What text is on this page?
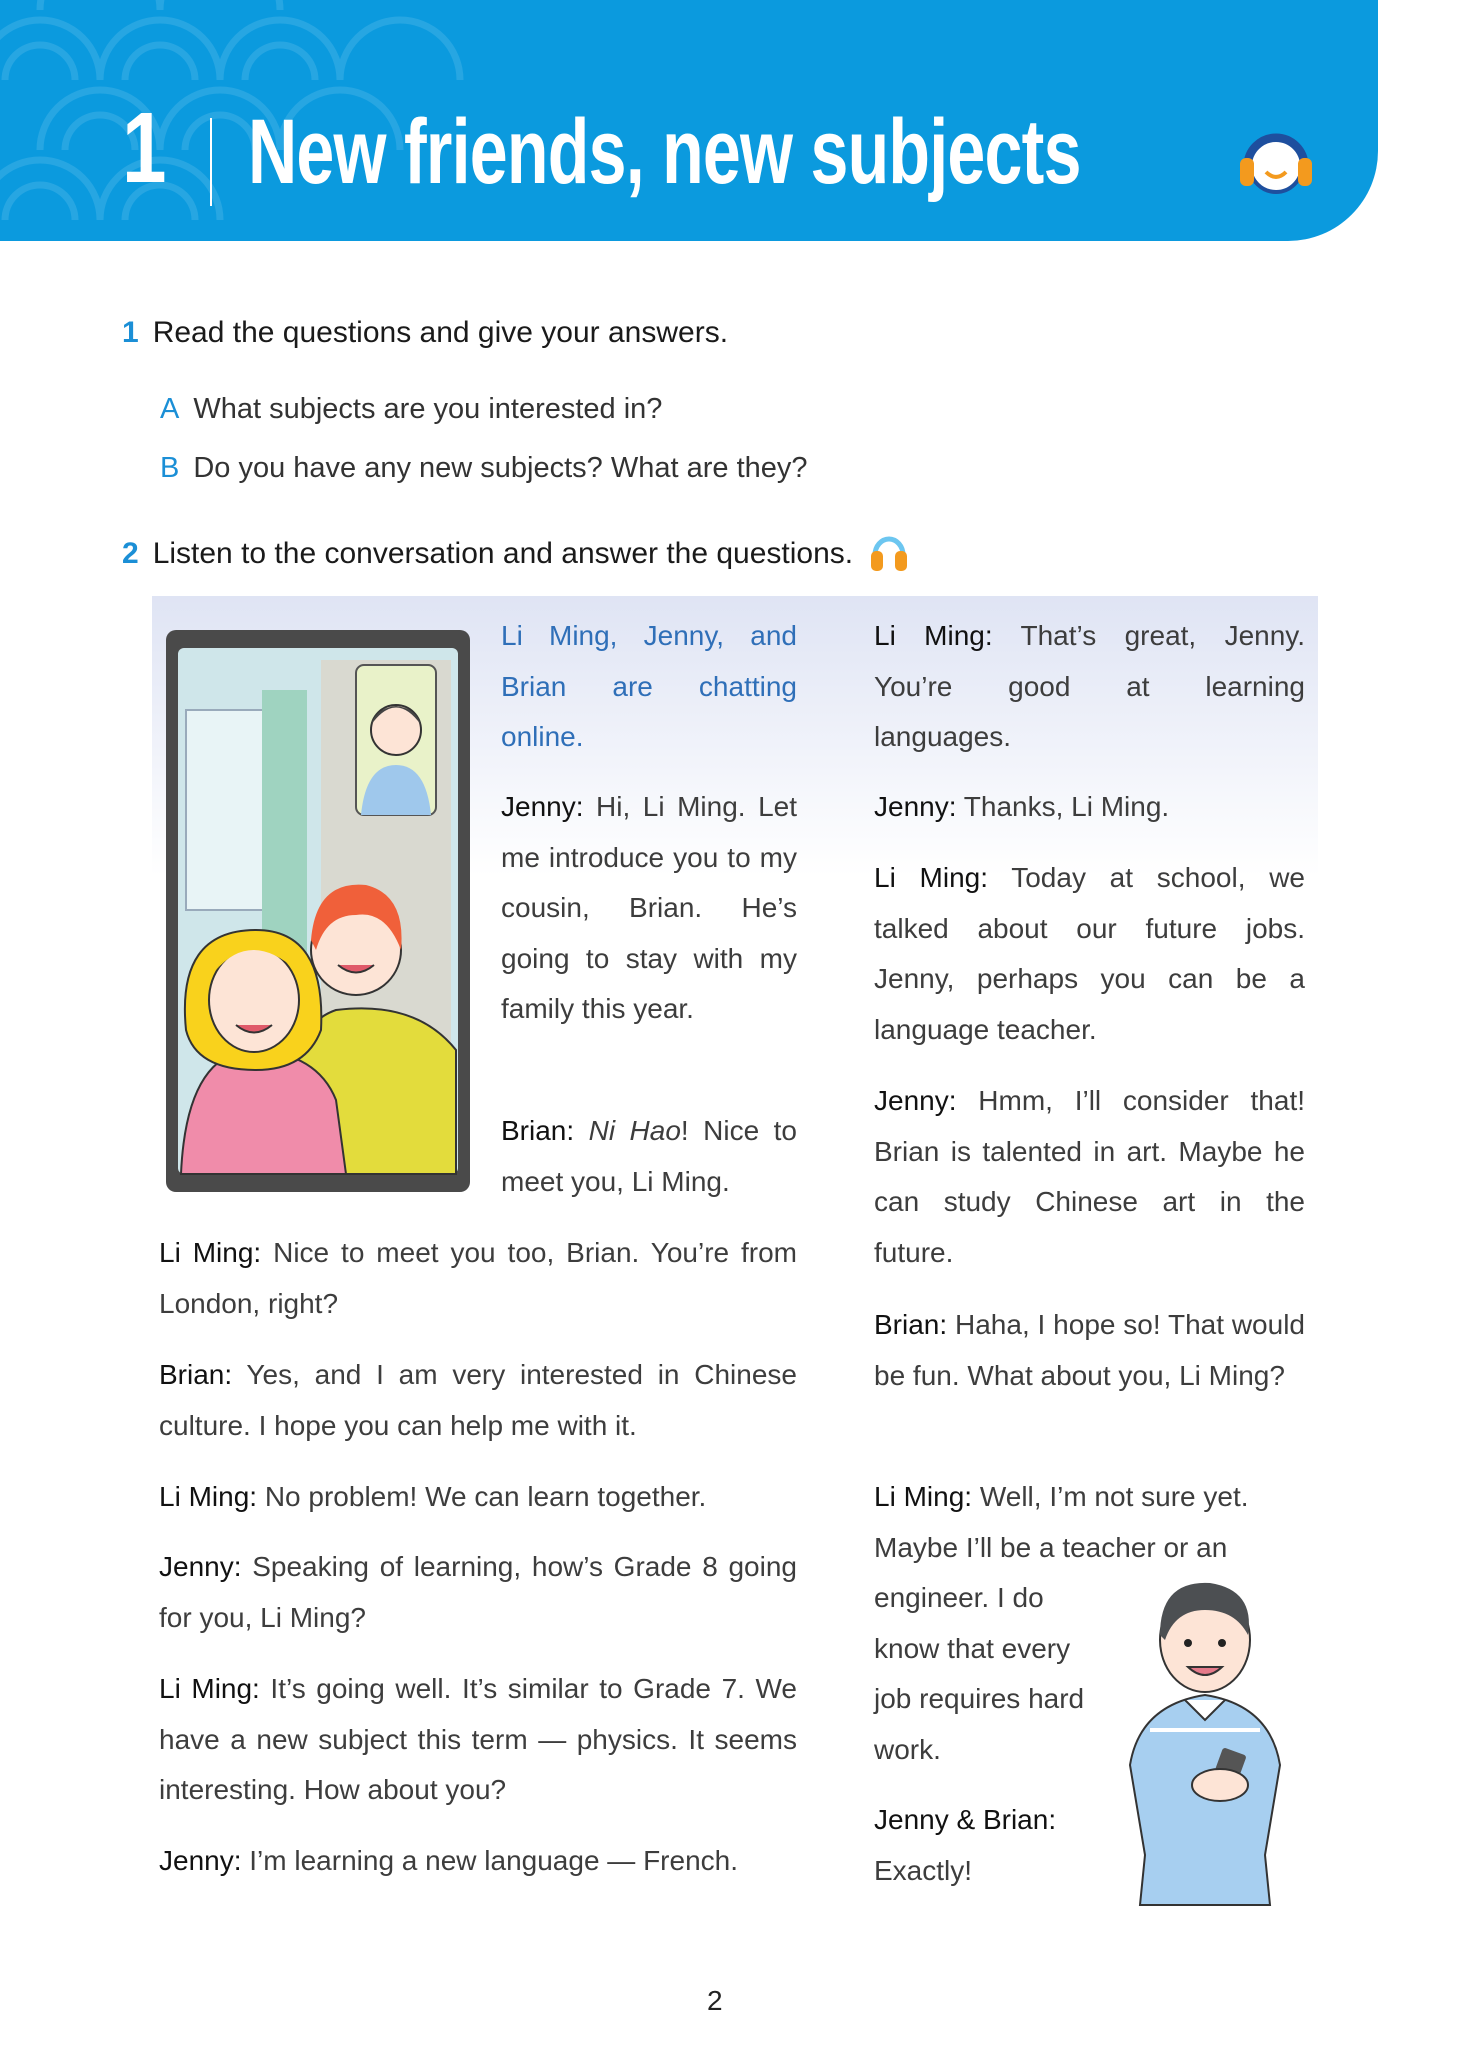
1 New friends, new subjects
1 Read the questions and give your answers.
A What subjects are you interested in?
B Do you have any new subjects? What are they?
2 Listen to the conversation and answer the questions.
Li Ming, Jenny, and Brian are chatting online.
Jenny: Hi, Li Ming. Let me introduce you to my cousin, Brian. He’s going to stay with my family this year.
Brian: Ni Hao! Nice to meet you, Li Ming.
Li Ming: Nice to meet you too, Brian. You’re from London, right?
Brian: Yes, and I am very interested in Chinese culture. I hope you can help me with it.
Li Ming: No problem! We can learn together.
Jenny: Speaking of learning, how’s Grade 8 going for you, Li Ming?
Li Ming: It’s going well. It’s similar to Grade 7. We have a new subject this term — physics. It seems interesting. How about you?
Jenny: I’m learning a new language — French.
Li Ming: That’s great, Jenny. You’re good at learning languages.
Jenny: Thanks, Li Ming.
Li Ming: Today at school, we talked about our future jobs. Jenny, perhaps you can be a language teacher.
Jenny: Hmm, I’ll consider that! Brian is talented in art. Maybe he can study Chinese art in the future.
Brian: Haha, I hope so! That would be fun. What about you, Li Ming?
Li Ming: Well, I’m not sure yet. Maybe I’ll be a teacher or an engineer. I do know that every job requires hard work.
Jenny & Brian:
Exactly!
2
